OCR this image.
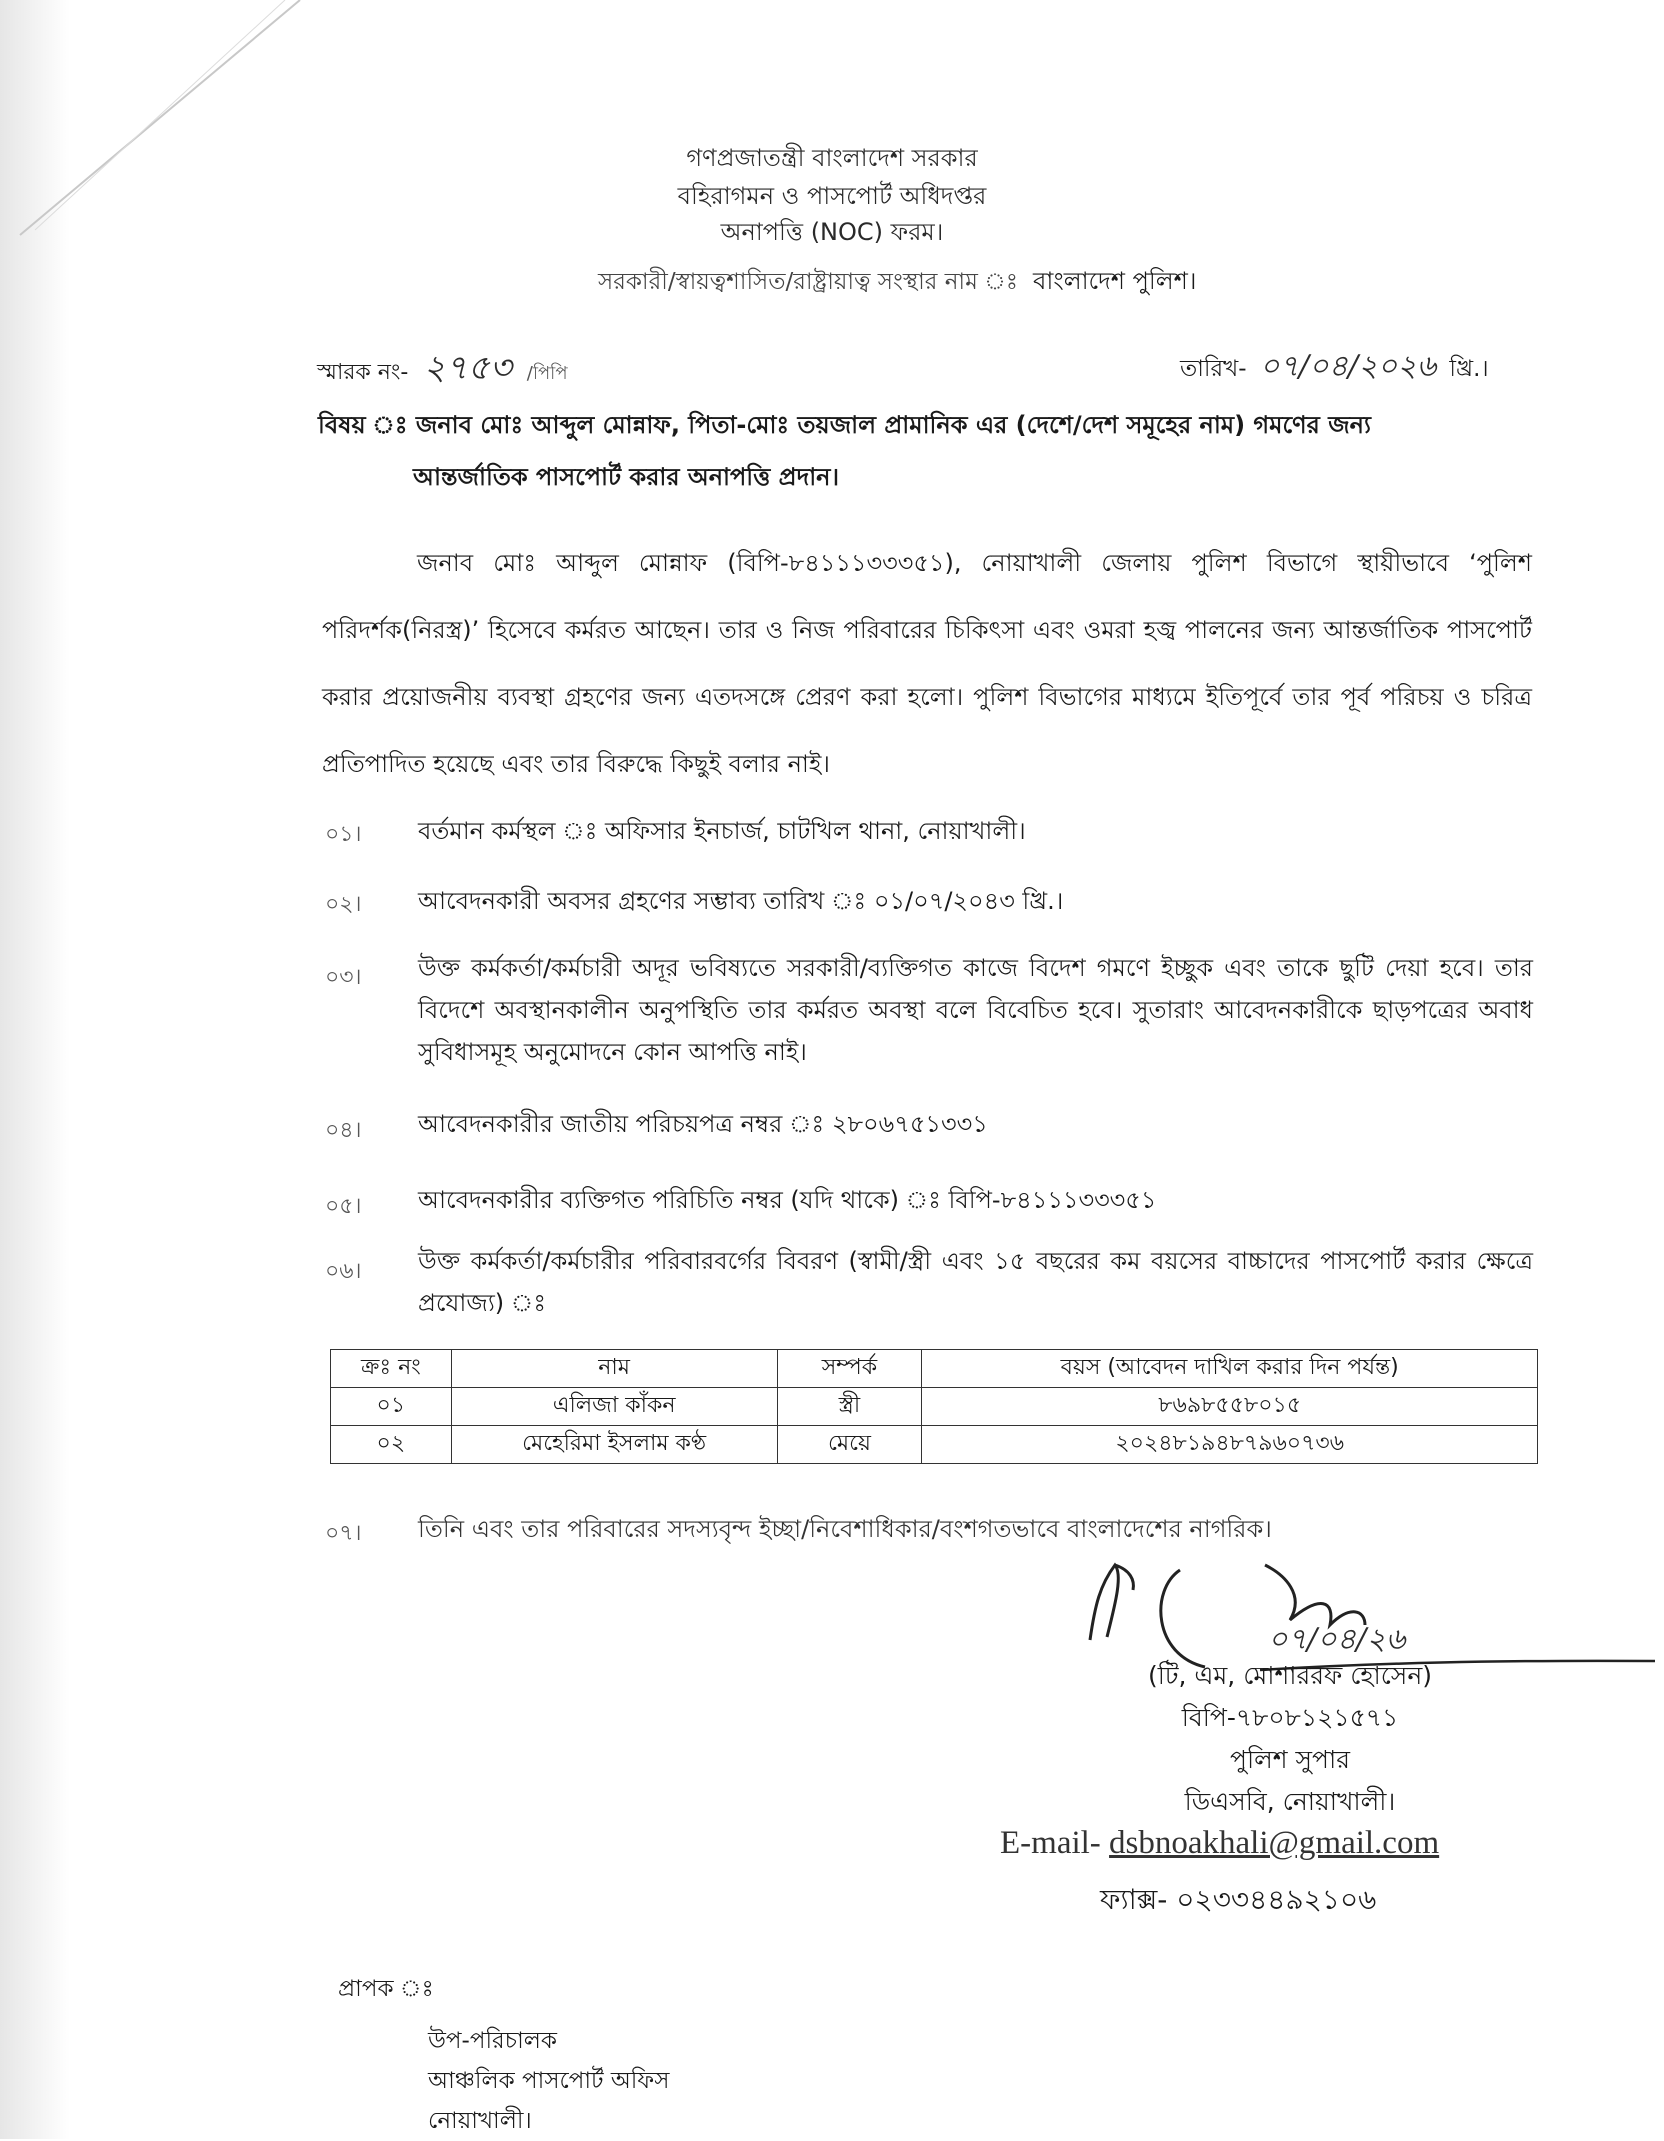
গণপ্রজাতন্ত্রী বাংলাদেশ সরকার
বহিরাগমন ও পাসপোর্ট অধিদপ্তর
অনাপত্তি (NOC) ফরম।
সরকারী/স্বায়ত্বশাসিত/রাষ্ট্রায়াত্ব সংস্থার নাম ঃ বাংলাদেশ পুলিশ।
স্মারক নং- ২৭৫৩ /পিপি	তারিখ- ০৭/০৪/২০২৬ খ্রি.।
বিষয় ঃ জনাব মোঃ আব্দুল মোন্নাফ, পিতা-মোঃ তয়জাল প্রামানিক এর (দেশে/দেশ সমূহের নাম) গমণের জন্য
আন্তর্জাতিক পাসপোর্ট করার অনাপত্তি প্রদান।
জনাব মোঃ আব্দুল মোন্নাফ (বিপি-৮৪১১১৩৩৩৫১), নোয়াখালী জেলায় পুলিশ বিভাগে স্থায়ীভাবে ‘পুলিশ পরিদর্শক(নিরস্ত্র)’ হিসেবে কর্মরত আছেন। তার ও নিজ পরিবারের চিকিৎসা এবং ওমরা হজ্ব পালনের জন্য আন্তর্জাতিক পাসপোর্ট করার প্রয়োজনীয় ব্যবস্থা গ্রহণের জন্য এতদসঙ্গে প্রেরণ করা হলো। পুলিশ বিভাগের মাধ্যমে ইতিপূর্বে তার পূর্ব পরিচয় ও চরিত্র প্রতিপাদিত হয়েছে এবং তার বিরুদ্ধে কিছুই বলার নাই।
০১। বর্তমান কর্মস্থল ঃ অফিসার ইনচার্জ, চাটখিল থানা, নোয়াখালী।
০২। আবেদনকারী অবসর গ্রহণের সম্ভাব্য তারিখ ঃ ০১/০৭/২০৪৩ খ্রি.।
০৩। উক্ত কর্মকর্তা/কর্মচারী অদূর ভবিষ্যতে সরকারী/ব্যক্তিগত কাজে বিদেশ গমণে ইচ্ছুক এবং তাকে ছুটি দেয়া হবে। তার বিদেশে অবস্থানকালীন অনুপস্থিতি তার কর্মরত অবস্থা বলে বিবেচিত হবে। সুতারাং আবেদনকারীকে ছাড়পত্রের অবাধ সুবিধাসমূহ অনুমোদনে কোন আপত্তি নাই।
০৪। আবেদনকারীর জাতীয় পরিচয়পত্র নম্বর ঃ ২৮০৬৭৫১৩৩১
০৫। আবেদনকারীর ব্যক্তিগত পরিচিতি নম্বর (যদি থাকে) ঃ বিপি-৮৪১১১৩৩৩৫১
০৬। উক্ত কর্মকর্তা/কর্মচারীর পরিবারবর্গের বিবরণ (স্বামী/স্ত্রী এবং ১৫ বছরের কম বয়সের বাচ্চাদের পাসপোর্ট করার ক্ষেত্রে প্রযোজ্য) ঃ
ক্রঃ নং	নাম	সম্পর্ক	বয়স (আবেদন দাখিল করার দিন পর্যন্ত)
০১	এলিজা কাঁকন	স্ত্রী	৮৬৯৮৫৫৮০১৫
০২	মেহেরিমা ইসলাম কণ্ঠ	মেয়ে	২০২৪৮১৯৪৮৭৯৬০৭৩৬
০৭। তিনি এবং তার পরিবারের সদস্যবৃন্দ ইচ্ছা/নিবেশাধিকার/বংশগতভাবে বাংলাদেশের নাগরিক।
০৭/০৪/২৬
(টি, এম, মোশাররফ হোসেন)
বিপি-৭৮০৮১২১৫৭১
পুলিশ সুপার
ডিএসবি, নোয়াখালী।
E-mail- dsbnoakhali@gmail.com
ফ্যাক্স- ০২৩৩৪৪৯২১০৬
প্রাপক ঃ
উপ-পরিচালক
আঞ্চলিক পাসপোর্ট অফিস
নোয়াখালী।
